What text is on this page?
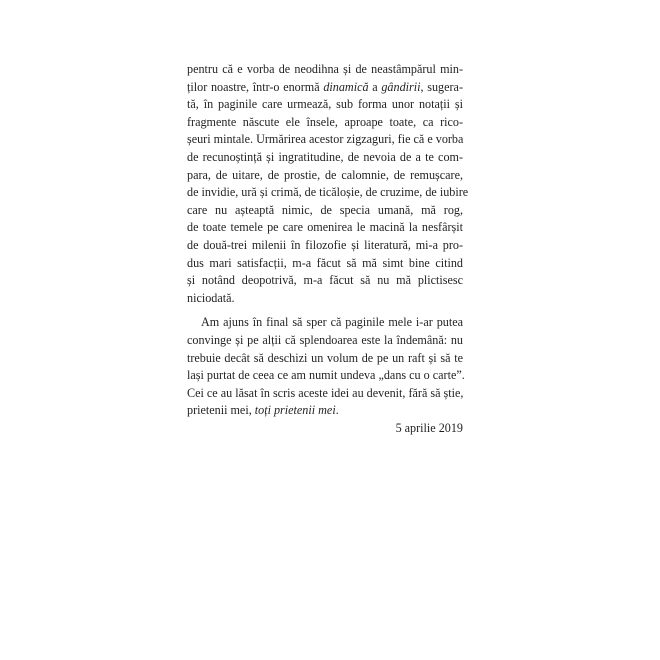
pentru că e vorba de neodihna și de neastâmpărul min-
ților noastre, într-o enormă dinamică a gândirii, sugera-
tă, în paginile care urmează, sub forma unor notații și
fragmente născute ele însele, aproape toate, ca rico-
șeuri mintale. Urmărirea acestor zigzaguri, fie că e vorba
de recunoștință și ingratitudine, de nevoia de a te com-
para, de uitare, de prostie, de calomnie, de remușcare,
de invidie, ură și crimă, de ticăloșie, de cruzime, de iubire
care nu așteaptă nimic, de specia umană, mă rog,
de toate temele pe care omenirea le macină la nesfârșit
de două-trei milenii în filozofie și literatură, mi-a pro-
dus mari satisfacții, m-a făcut să mă simt bine citind
și notând deopotrivă, m-a făcut să nu mă plictisesc
niciodată.
Am ajuns în final să sper că paginile mele i-ar putea
convinge și pe alții că splendoarea este la îndemână: nu
trebuie decât să deschizi un volum de pe un raft și să te
lași purtat de ceea ce am numit undeva „dans cu o carte”.
Cei ce au lăsat în scris aceste idei au devenit, fără să știe,
prietenii mei, toți prietenii mei.
5 aprilie 2019
